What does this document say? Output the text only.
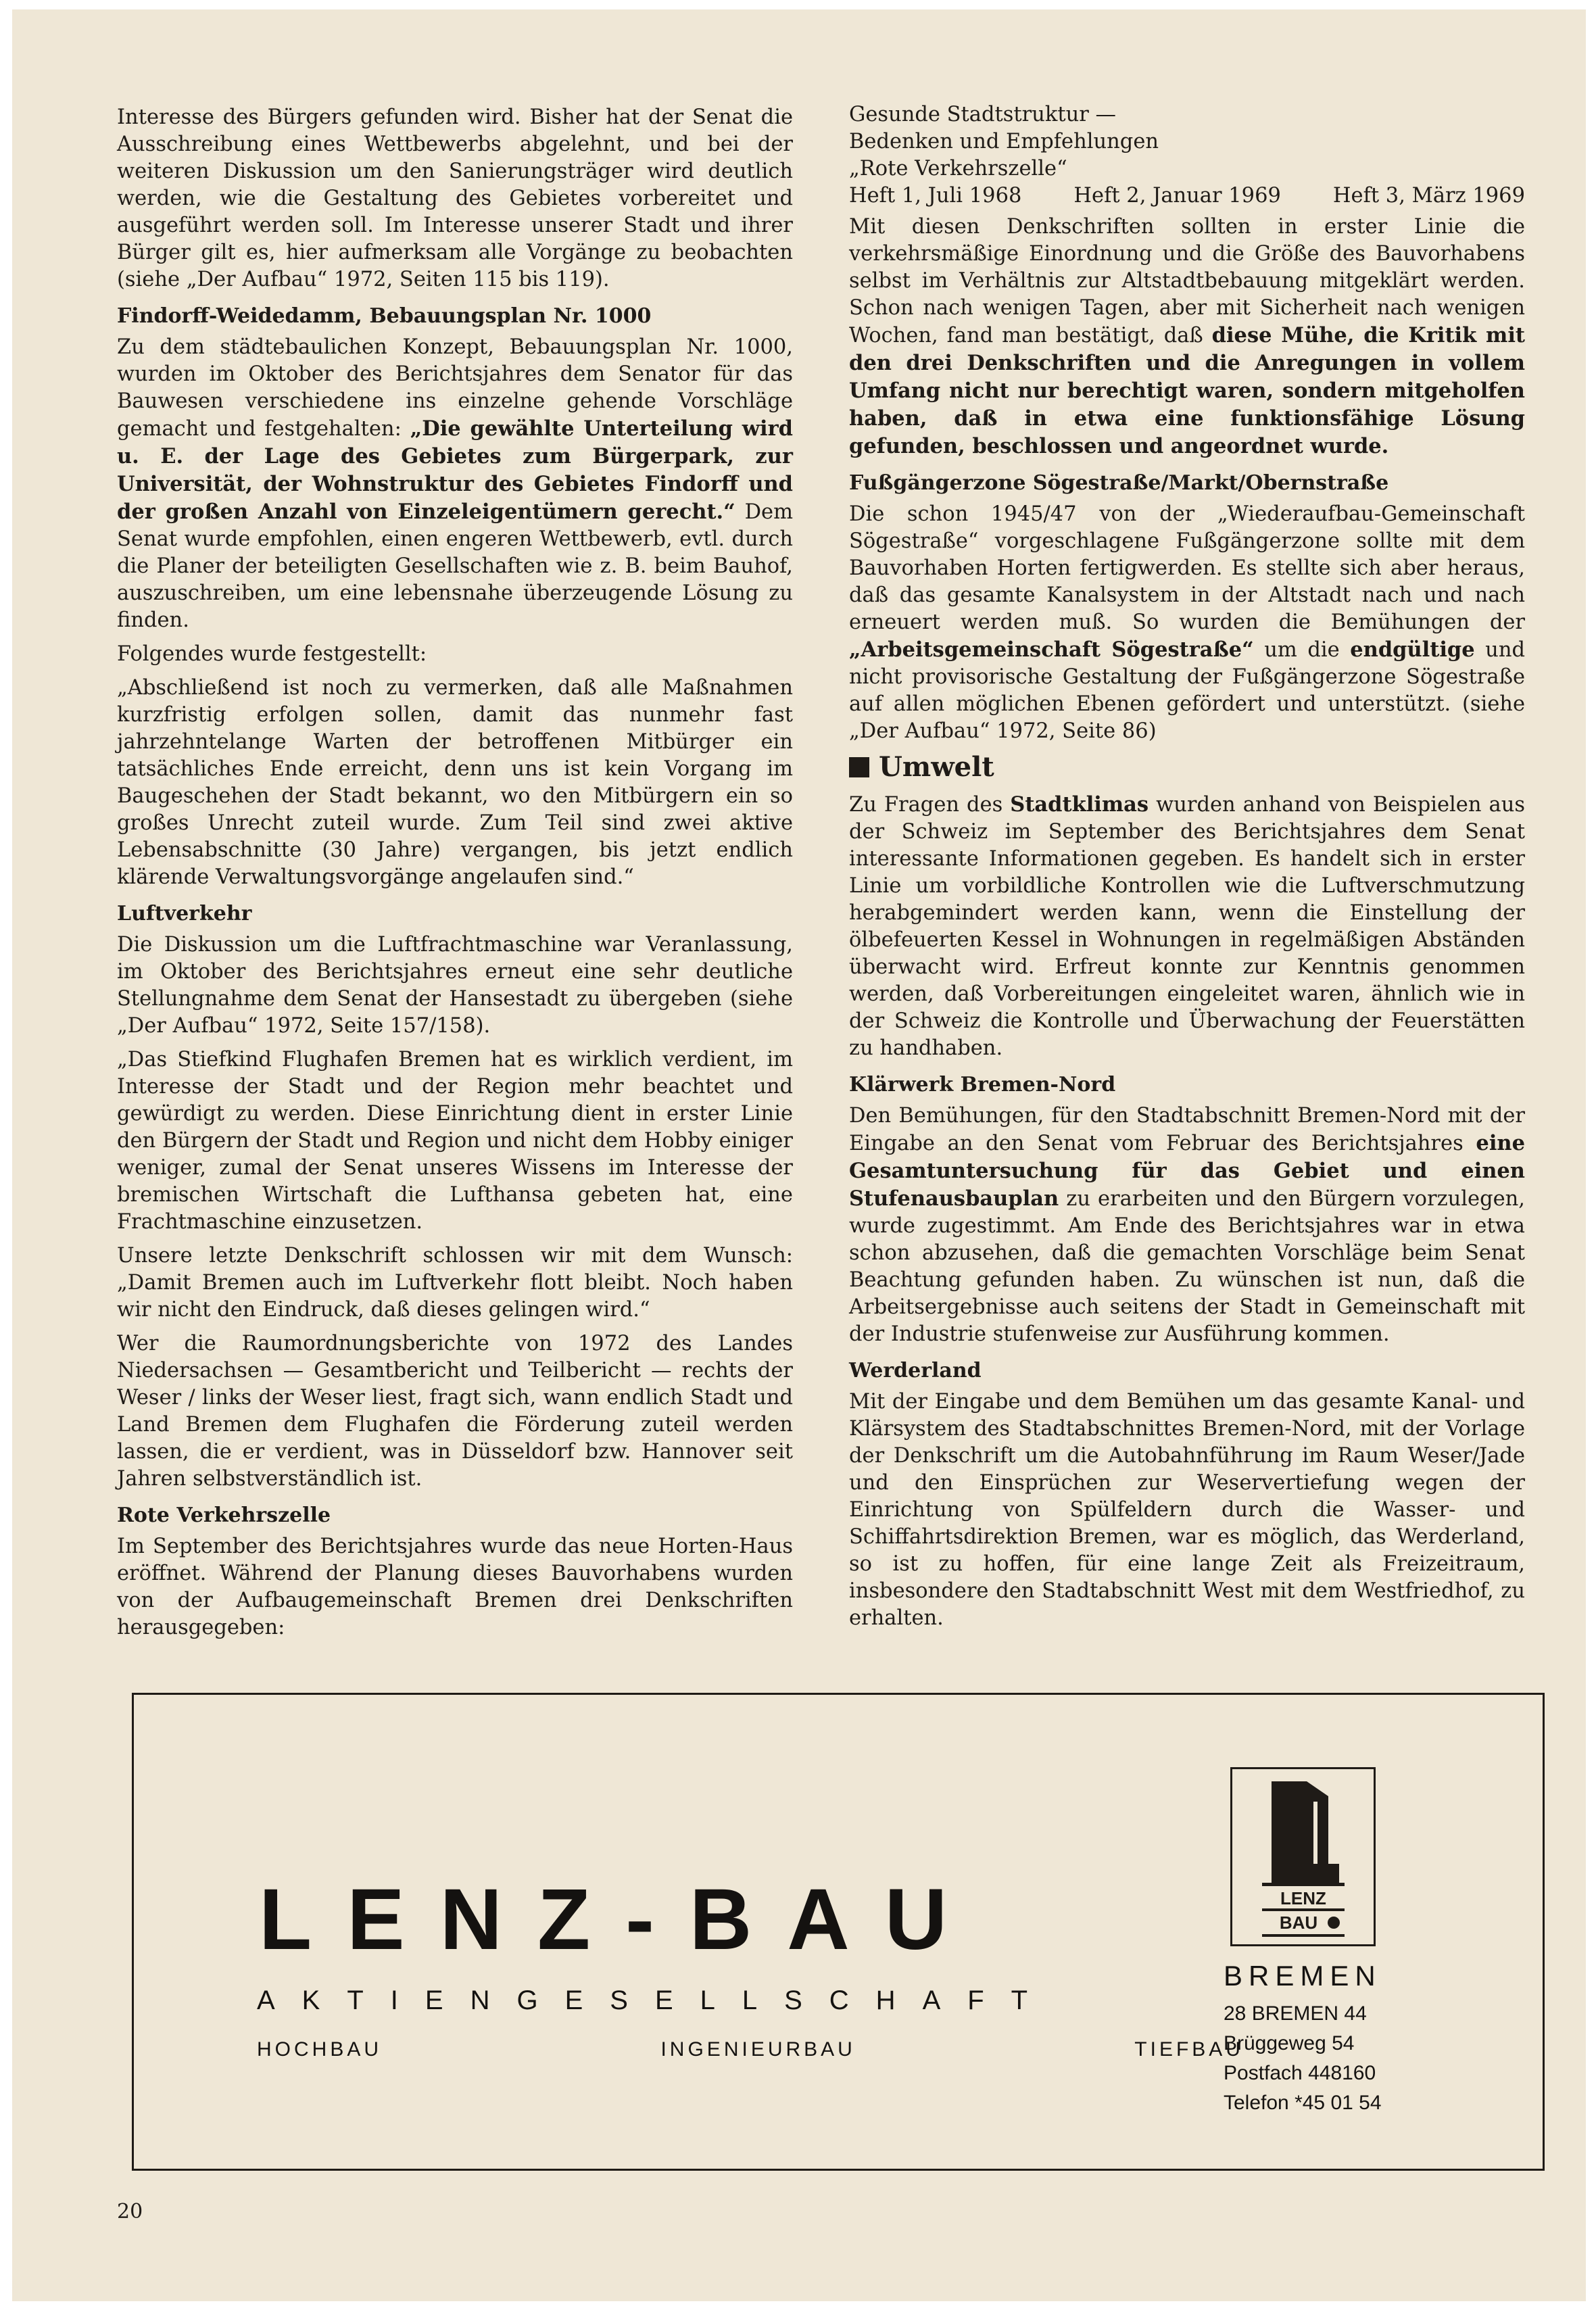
Interesse des Bürgers gefunden wird. Bisher hat der Senat die Ausschreibung eines Wettbewerbs abgelehnt, und bei der weiteren Diskussion um den Sanierungsträger wird deutlich werden, wie die Gestaltung des Gebietes vorbereitet und ausgeführt werden soll. Im Interesse unserer Stadt und ihrer Bürger gilt es, hier aufmerksam alle Vorgänge zu beobachten (siehe „Der Aufbau“ 1972, Seiten 115 bis 119).

Findorff-Weidedamm, Bebauungsplan Nr. 1000

Zu dem städtebaulichen Konzept, Bebauungsplan Nr. 1000, wurden im Oktober des Berichtsjahres dem Senator für das Bauwesen verschiedene ins einzelne gehende Vorschläge gemacht und festgehalten: „Die gewählte Unterteilung wird u. E. der Lage des Gebietes zum Bürgerpark, zur Universität, der Wohnstruktur des Gebietes Findorff und der großen Anzahl von Einzeleigentümern gerecht.“ Dem Senat wurde empfohlen, einen engeren Wettbewerb, evtl. durch die Planer der beteiligten Gesellschaften wie z. B. beim Bauhof, auszuschreiben, um eine lebensnahe überzeugende Lösung zu finden.

Folgendes wurde festgestellt:

„Abschließend ist noch zu vermerken, daß alle Maßnahmen kurzfristig erfolgen sollen, damit das nunmehr fast jahrzehntelange Warten der betroffenen Mitbürger ein tatsächliches Ende erreicht, denn uns ist kein Vorgang im Baugeschehen der Stadt bekannt, wo den Mitbürgern ein so großes Unrecht zuteil wurde. Zum Teil sind zwei aktive Lebensabschnitte (30 Jahre) vergangen, bis jetzt endlich klärende Verwaltungsvorgänge angelaufen sind.“

Luftverkehr

Die Diskussion um die Luftfrachtmaschine war Veranlassung, im Oktober des Berichtsjahres erneut eine sehr deutliche Stellungnahme dem Senat der Hansestadt zu übergeben (siehe „Der Aufbau“ 1972, Seite 157/158).

„Das Stiefkind Flughafen Bremen hat es wirklich verdient, im Interesse der Stadt und der Region mehr beachtet und gewürdigt zu werden. Diese Einrichtung dient in erster Linie den Bürgern der Stadt und Region und nicht dem Hobby einiger weniger, zumal der Senat unseres Wissens im Interesse der bremischen Wirtschaft die Lufthansa gebeten hat, eine Frachtmaschine einzusetzen.

Unsere letzte Denkschrift schlossen wir mit dem Wunsch: „Damit Bremen auch im Luftverkehr flott bleibt. Noch haben wir nicht den Eindruck, daß dieses gelingen wird.“

Wer die Raumordnungsberichte von 1972 des Landes Niedersachsen — Gesamtbericht und Teilbericht — rechts der Weser / links der Weser liest, fragt sich, wann endlich Stadt und Land Bremen dem Flughafen die Förderung zuteil werden lassen, die er verdient, was in Düsseldorf bzw. Hannover seit Jahren selbstverständlich ist.

Rote Verkehrszelle

Im September des Berichtsjahres wurde das neue Horten-Haus eröffnet. Während der Planung dieses Bauvorhabens wurden von der Aufbaugemeinschaft Bremen drei Denkschriften herausgegeben:

Gesunde Stadtstruktur —

Bedenken und Empfehlungen

„Rote Verkehrszelle“

Heft 1, Juli 1968	Heft 2, Januar 1969	Heft 3, März 1969

Mit diesen Denkschriften sollten in erster Linie die verkehrsmäßige Einordnung und die Größe des Bauvorhabens selbst im Verhältnis zur Altstadtbebauung mitgeklärt werden. Schon nach wenigen Tagen, aber mit Sicherheit nach wenigen Wochen, fand man bestätigt, daß diese Mühe, die Kritik mit den drei Denkschriften und die Anregungen in vollem Umfang nicht nur berechtigt waren, sondern mitgeholfen haben, daß in etwa eine funktionsfähige Lösung gefunden, beschlossen und angeordnet wurde.

Fußgängerzone Sögestraße/Markt/Obernstraße

Die schon 1945/47 von der „Wiederaufbau-Gemeinschaft Sögestraße“ vorgeschlagene Fußgängerzone sollte mit dem Bauvorhaben Horten fertigwerden. Es stellte sich aber heraus, daß das gesamte Kanalsystem in der Altstadt nach und nach erneuert werden muß. So wurden die Bemühungen der „Arbeitsgemeinschaft Sögestraße“ um die endgültige und nicht provisorische Gestaltung der Fußgängerzone Sögestraße auf allen möglichen Ebenen gefördert und unterstützt. (siehe „Der Aufbau“ 1972, Seite 86)

Umwelt

Zu Fragen des Stadtklimas wurden anhand von Beispielen aus der Schweiz im September des Berichtsjahres dem Senat interessante Informationen gegeben. Es handelt sich in erster Linie um vorbildliche Kontrollen wie die Luftverschmutzung herabgemindert werden kann, wenn die Einstellung der ölbefeuerten Kessel in Wohnungen in regelmäßigen Abständen überwacht wird. Erfreut konnte zur Kenntnis genommen werden, daß Vorbereitungen eingeleitet waren, ähnlich wie in der Schweiz die Kontrolle und Überwachung der Feuerstätten zu handhaben.

Klärwerk Bremen-Nord

Den Bemühungen, für den Stadtabschnitt Bremen-Nord mit der Eingabe an den Senat vom Februar des Berichtsjahres eine Gesamtuntersuchung für das Gebiet und einen Stufenausbauplan zu erarbeiten und den Bürgern vorzulegen, wurde zugestimmt. Am Ende des Berichtsjahres war in etwa schon abzusehen, daß die gemachten Vorschläge beim Senat Beachtung gefunden haben. Zu wünschen ist nun, daß die Arbeitsergebnisse auch seitens der Stadt in Gemeinschaft mit der Industrie stufenweise zur Ausführung kommen.

Werderland

Mit der Eingabe und dem Bemühen um das gesamte Kanal- und Klärsystem des Stadtabschnittes Bremen-Nord, mit der Vorlage der Denkschrift um die Autobahnführung im Raum Weser/Jade und den Einsprüchen zur Weservertiefung wegen der Einrichtung von Spülfeldern durch die Wasser- und Schiffahrtsdirektion Bremen, war es möglich, das Werderland, so ist zu hoffen, für eine lange Zeit als Freizeitraum, insbesondere den Stadtabschnitt West mit dem Westfriedhof, zu erhalten.

LENZ-BAU
AKTIENGESELLSCHAFT
HOCHBAU	INGENIEURBAU	TIEFBAU
LENZ
BAU
BREMEN
28 BREMEN 44
Brüggeweg 54
Postfach 448160
Telefon *45 01 54
20
